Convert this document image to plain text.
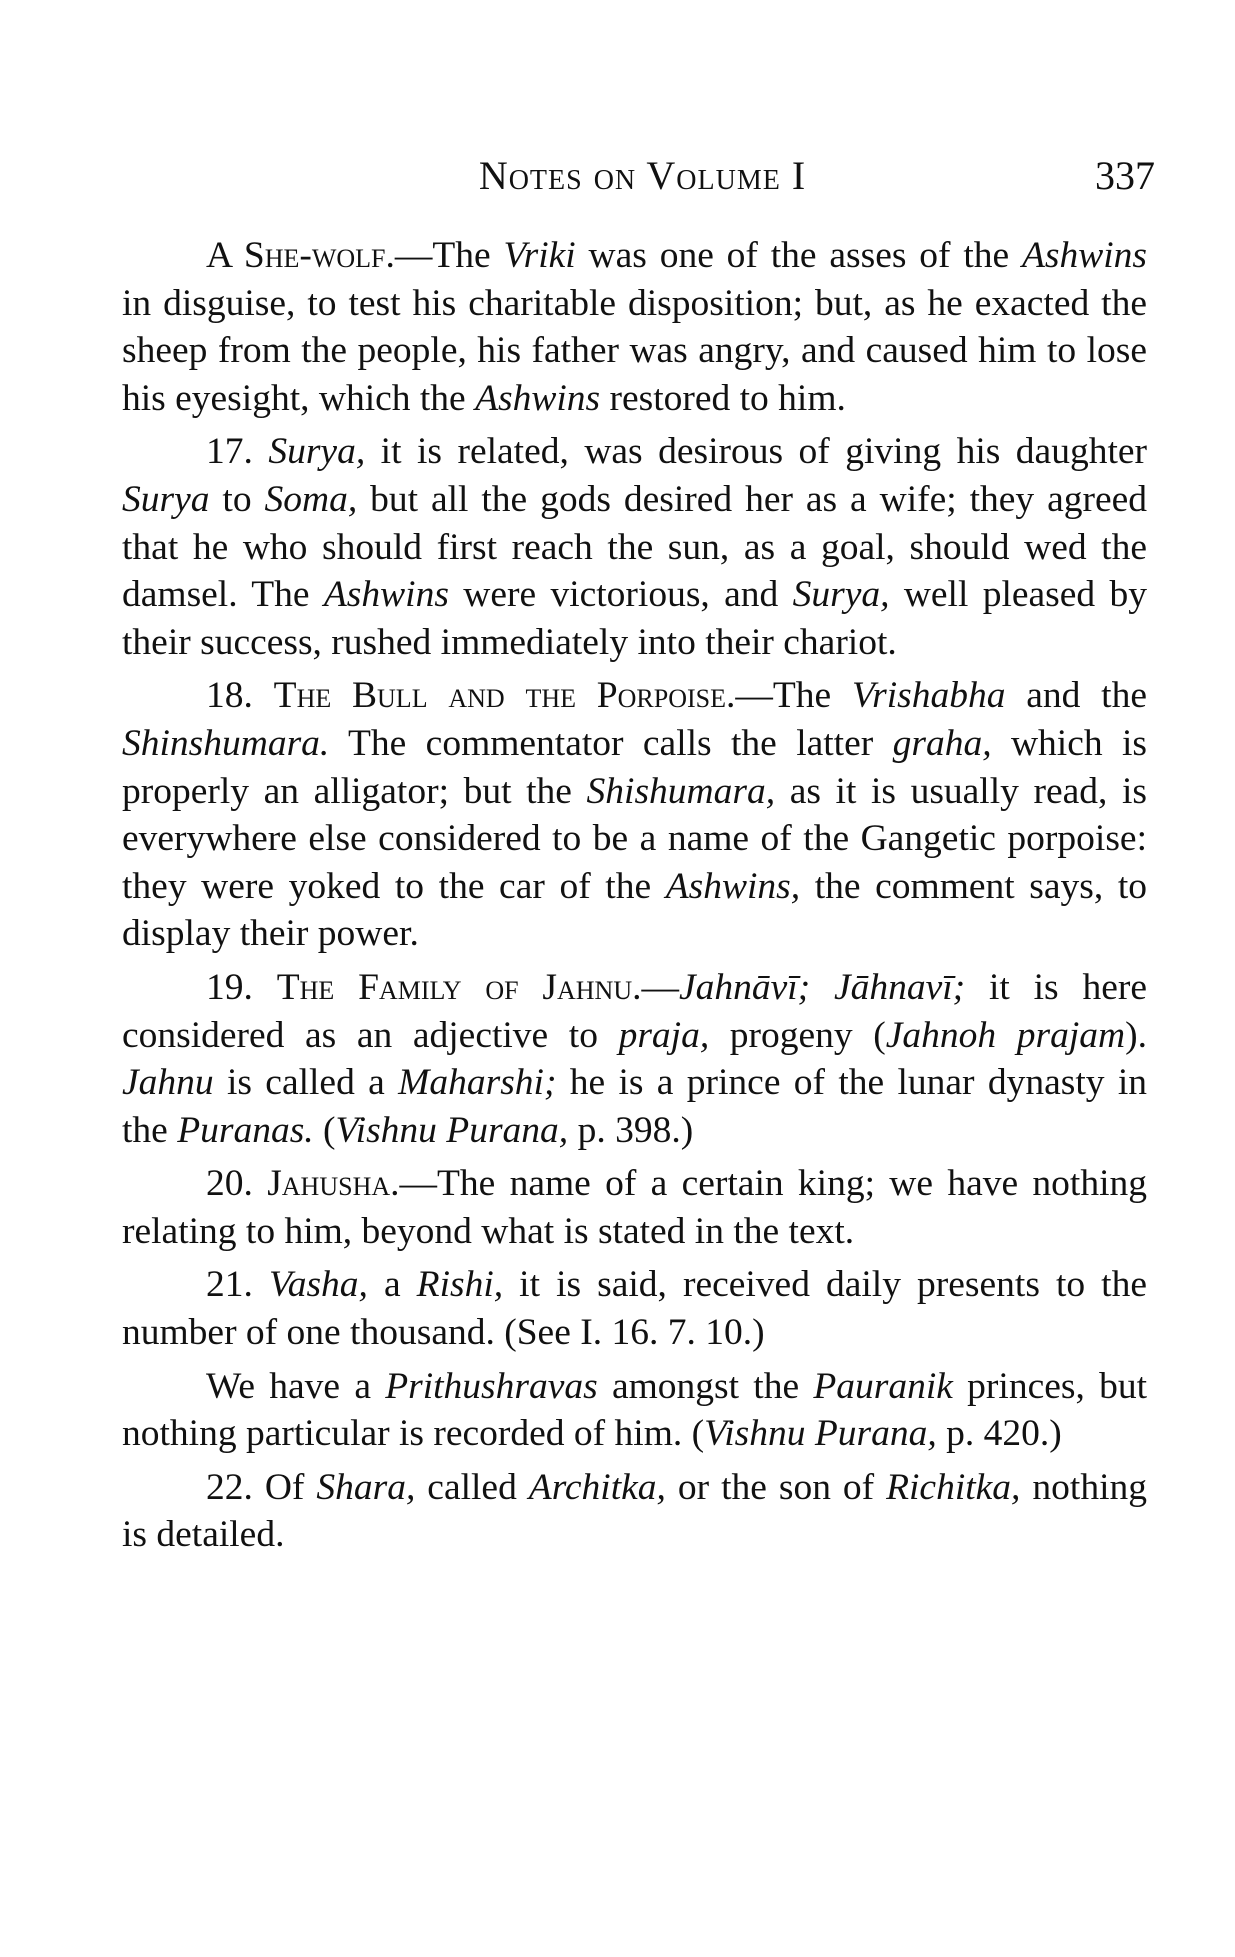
Notes on Volume I	337

A She-wolf.—The Vriki was one of the asses of the Ashwins in disguise, to test his charitable disposition; but, as he exacted the sheep from the people, his father was angry, and caused him to lose his eyesight, which the Ashwins restored to him.

17. Surya, it is related, was desirous of giving his daughter Surya to Soma, but all the gods desired her as a wife; they agreed that he who should first reach the sun, as a goal, should wed the damsel. The Ashwins were victorious, and Surya, well pleased by their success, rushed immediately into their chariot.

18. The Bull and the Porpoise.—The Vrishabha and the Shinshumara. The commentator calls the latter graha, which is properly an alligator; but the Shishumara, as it is usually read, is everywhere else considered to be a name of the Gangetic porpoise: they were yoked to the car of the Ashwins, the comment says, to display their power.

19. The Family of Jahnu.—Jahnāvī; Jāhnavī; it is here considered as an adjective to praja, progeny (Jahnoh prajam). Jahnu is called a Maharshi; he is a prince of the lunar dynasty in the Puranas. (Vishnu Purana, p. 398.)

20. Jahusha.—The name of a certain king; we have nothing relating to him, beyond what is stated in the text.

21. Vasha, a Rishi, it is said, received daily presents to the number of one thousand. (See I. 16. 7. 10.)

We have a Prithushravas amongst the Pauranik princes, but nothing particular is recorded of him. (Vishnu Purana, p. 420.)

22. Of Shara, called Architka, or the son of Richitka, nothing is detailed.
